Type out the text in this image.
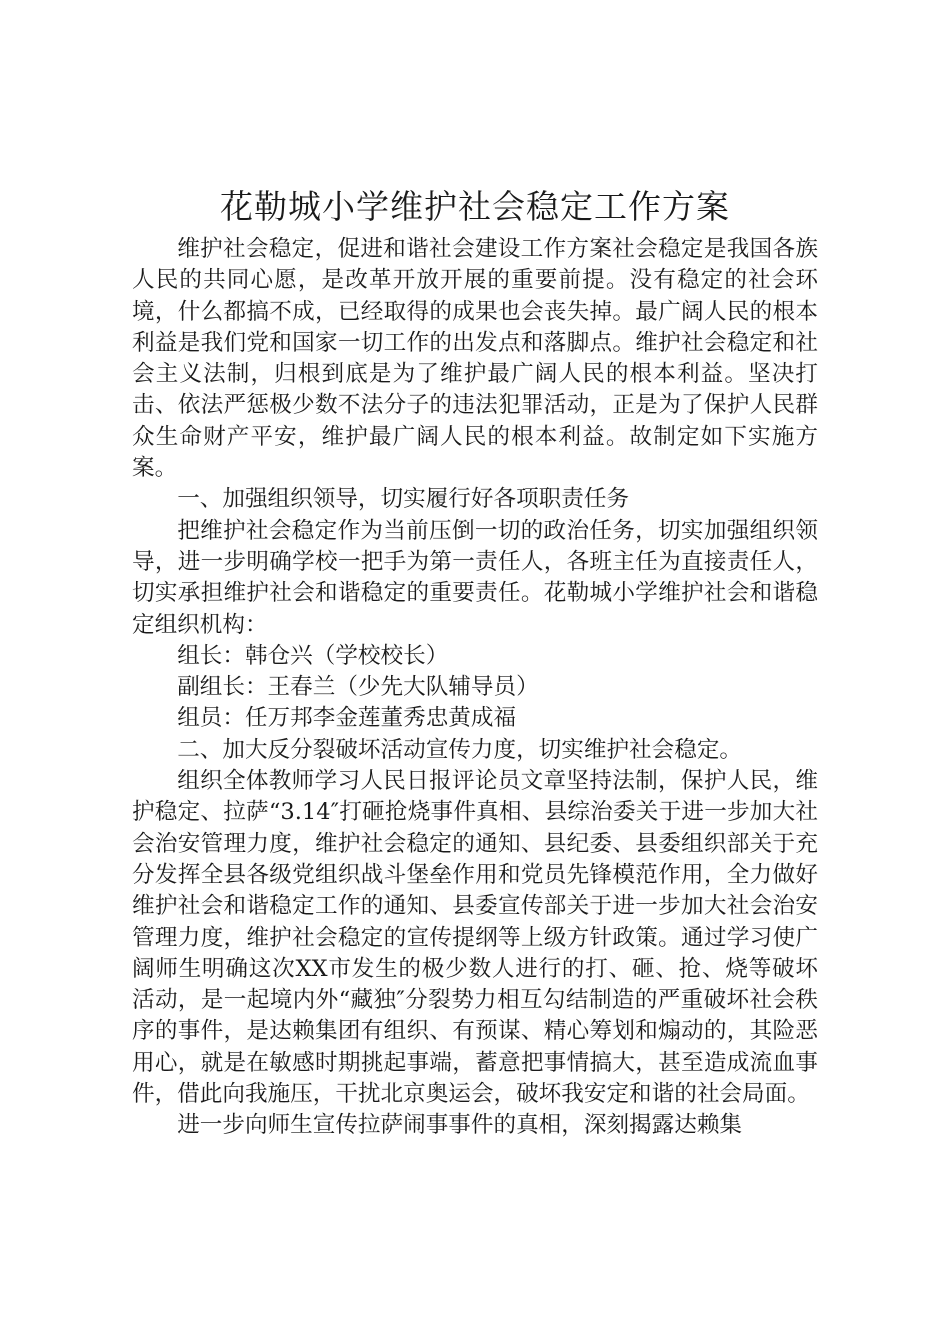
花勒城小学维护社会稳定工作方案

维护社会稳定，促进和谐社会建设工作方案社会稳定是我国各族人民的共同心愿，是改革开放开展的重要前提。没有稳定的社会环境，什么都搞不成，已经取得的成果也会丧失掉。最广阔人民的根本利益是我们党和国家一切工作的出发点和落脚点。维护社会稳定和社会主义法制，归根到底是为了维护最广阔人民的根本利益。坚决打击、依法严惩极少数不法分子的违法犯罪活动，正是为了保护人民群众生命财产平安，维护最广阔人民的根本利益。故制定如下实施方案。

一、加强组织领导，切实履行好各项职责任务

把维护社会稳定作为当前压倒一切的政治任务，切实加强组织领导，进一步明确学校一把手为第一责任人，各班主任为直接责任人，切实承担维护社会和谐稳定的重要责任。花勒城小学维护社会和谐稳定组织机构：

组长：韩仓兴（学校校长）

副组长：王春兰（少先大队辅导员）

组员：任万邦李金莲董秀忠黄成福

二、加大反分裂破坏活动宣传力度，切实维护社会稳定。

组织全体教师学习人民日报评论员文章坚持法制，保护人民，维护稳定、拉萨“3.14″打砸抢烧事件真相、县综治委关于进一步加大社会治安管理力度，维护社会稳定的通知、县纪委、县委组织部关于充分发挥全县各级党组织战斗堡垒作用和党员先锋模范作用，全力做好维护社会和谐稳定工作的通知、县委宣传部关于进一步加大社会治安管理力度，维护社会稳定的宣传提纲等上级方针政策。通过学习使广阔师生明确这次XX市发生的极少数人进行的打、砸、抢、烧等破坏活动，是一起境内外“藏独″分裂势力相互勾结制造的严重破坏社会秩序的事件，是达赖集团有组织、有预谋、精心筹划和煽动的，其险恶用心，就是在敏感时期挑起事端，蓄意把事情搞大，甚至造成流血事件，借此向我施压，干扰北京奥运会，破坏我安定和谐的社会局面。

进一步向师生宣传拉萨闹事事件的真相，深刻揭露达赖集
